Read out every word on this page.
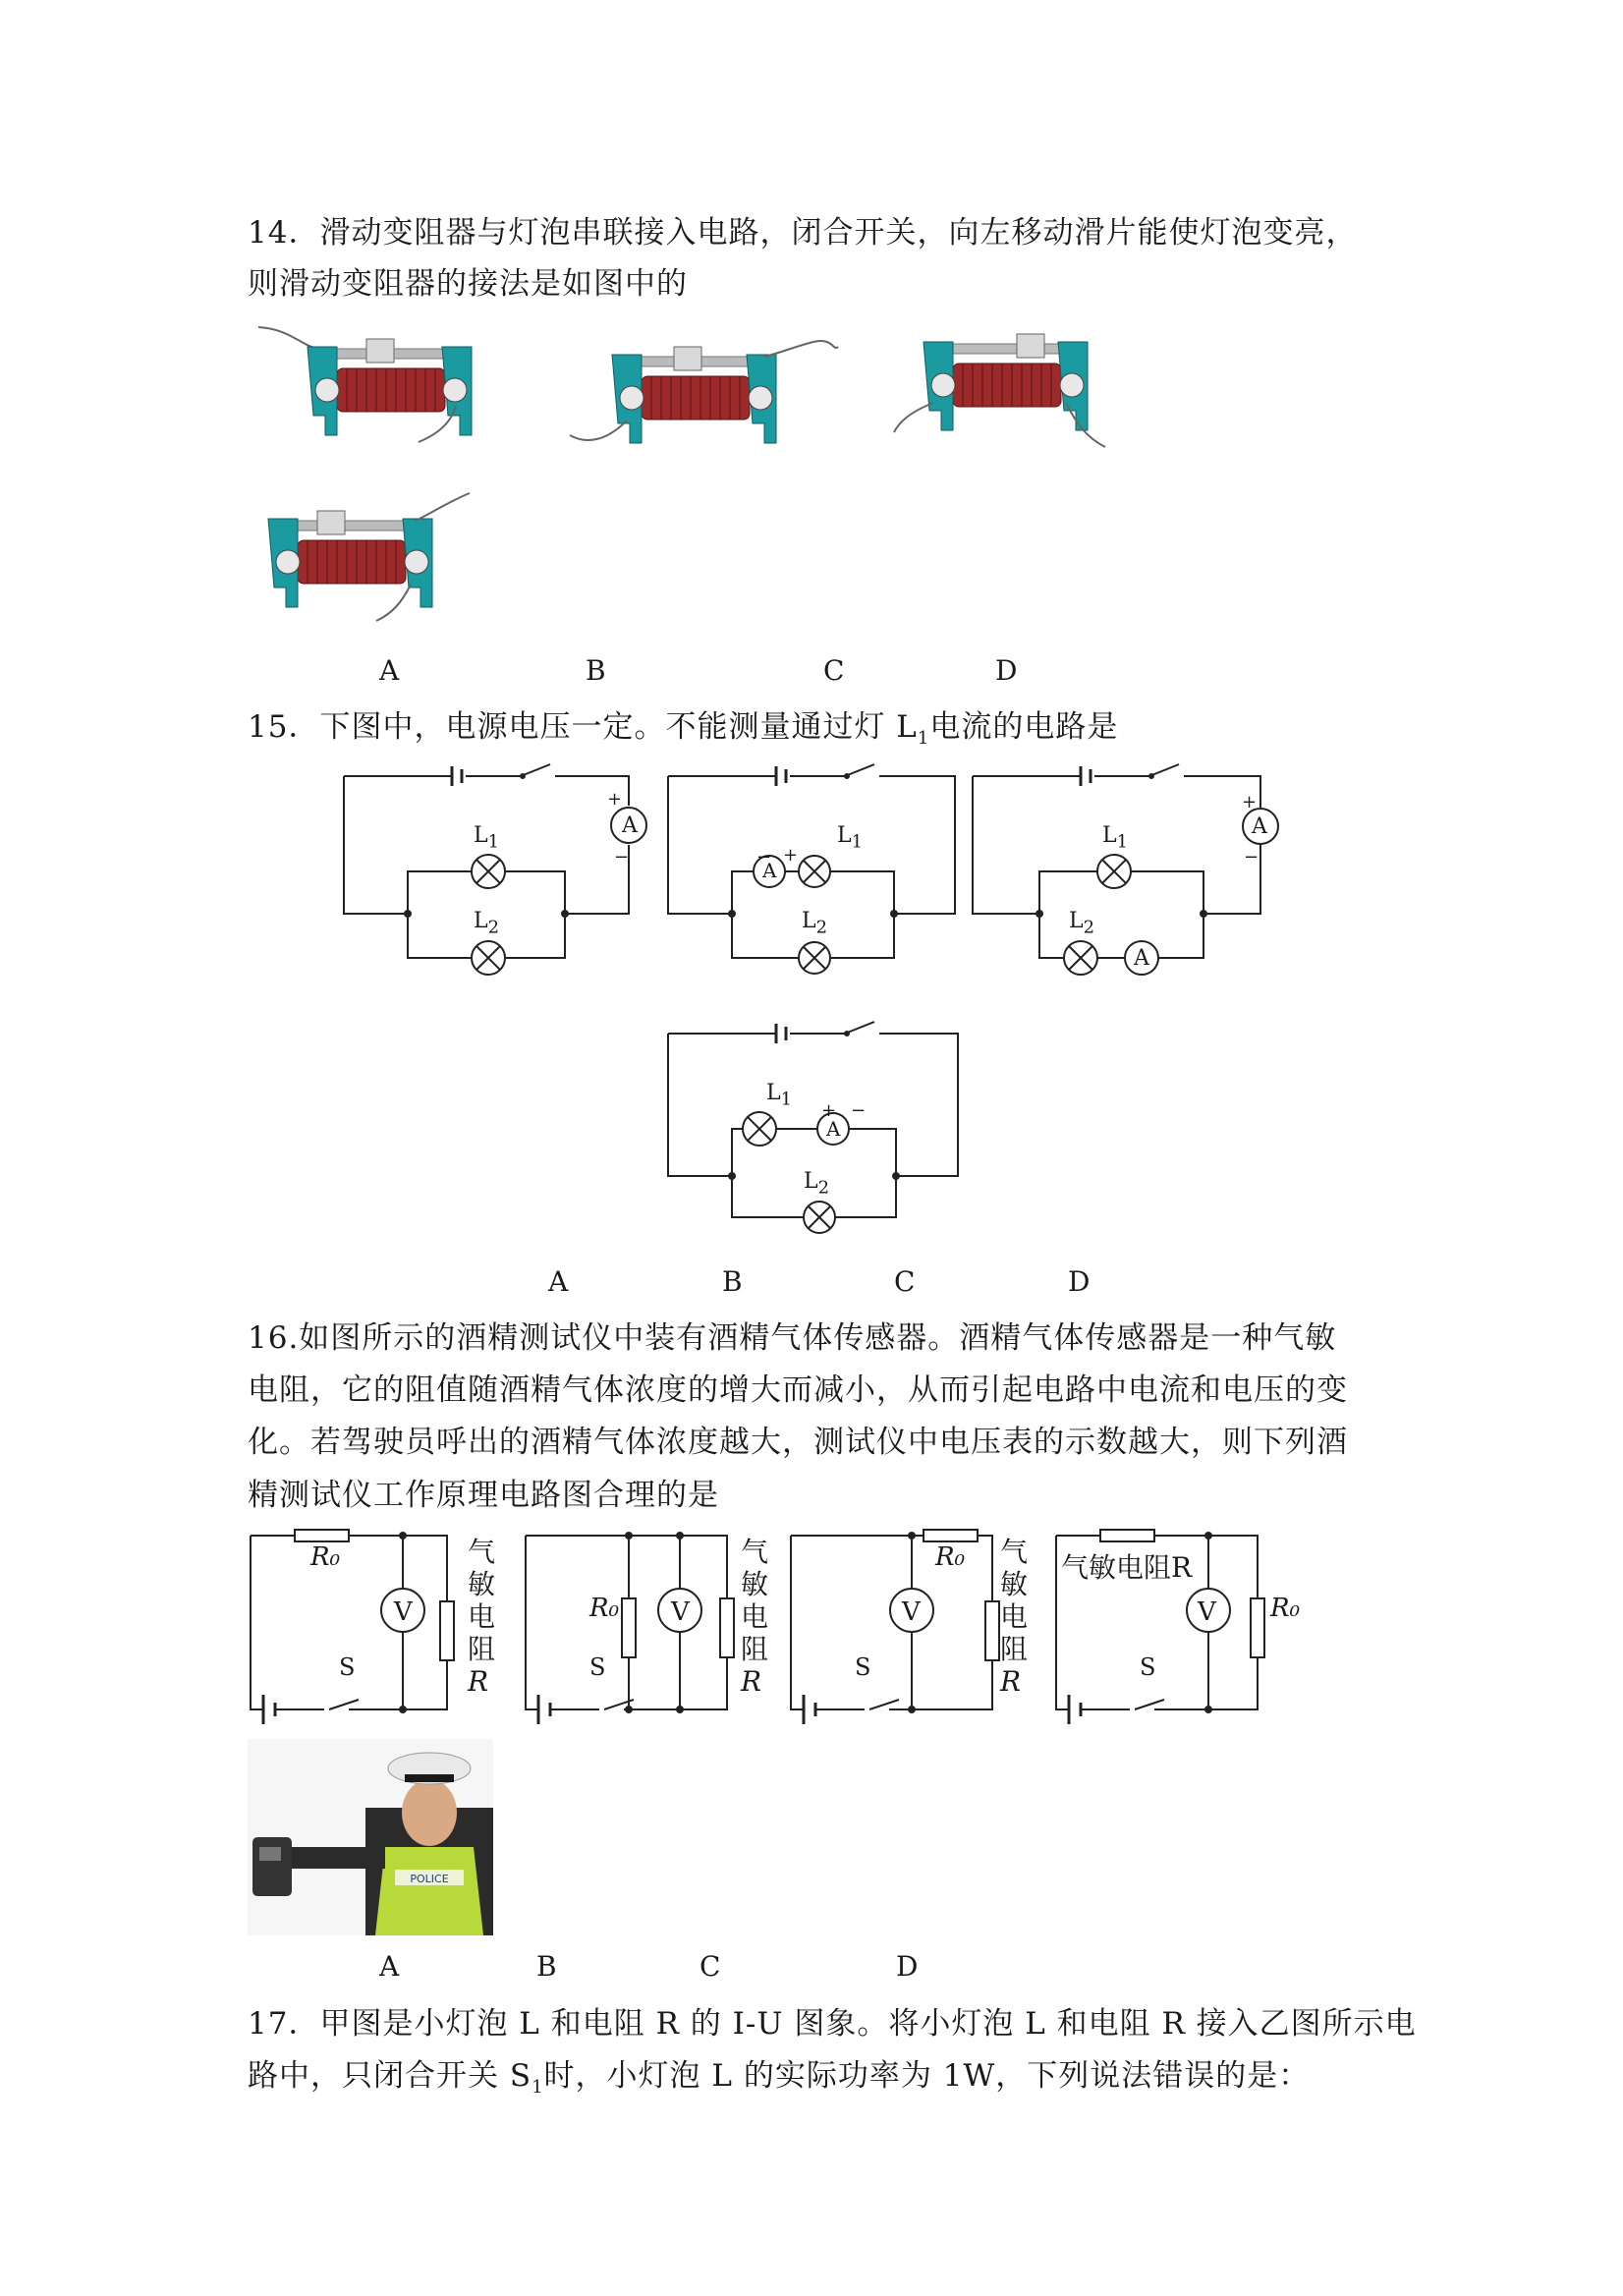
14．滑动变阻器与灯泡串联接入电路，闭合开关，向左移动滑片能使灯泡变亮，
则滑动变阻器的接法是如图中的
A	B	C	D
15．下图中，电源电压一定。不能测量通过灯 $L_1$电流的电路是
A
+
−
$L_1$
$L_2$
A
− +
$L_1$
$L_2$
A
A
+
−
$L_1$
$L_2$
A
+ −
$L_1$
$L_2$
A	B	C	D
16.如图所示的酒精测试仪中装有酒精气体传感器。酒精气体传感器是一种气敏
电阻，它的阻值随酒精气体浓度的增大而减小，从而引起电路中电流和电压的变
化。若驾驶员呼出的酒精气体浓度越大，测试仪中电压表的示数越大，则下列酒
精测试仪工作原理电路图合理的是
R₀
V
S
气
敏
电
阻
R
R₀ V
S
气
敏
电
阻
R
R₀
V
S
气
敏
电
阻
R
气敏电阻R
V
S
R₀
POLICE
A	B	C	D
17．甲图是小灯泡 L 和电阻 R 的 I-U 图象。将小灯泡 L 和电阻 R 接入乙图所示电
路中，只闭合开关 $S_1$时，小灯泡 L 的实际功率为 1W，下列说法错误的是：
